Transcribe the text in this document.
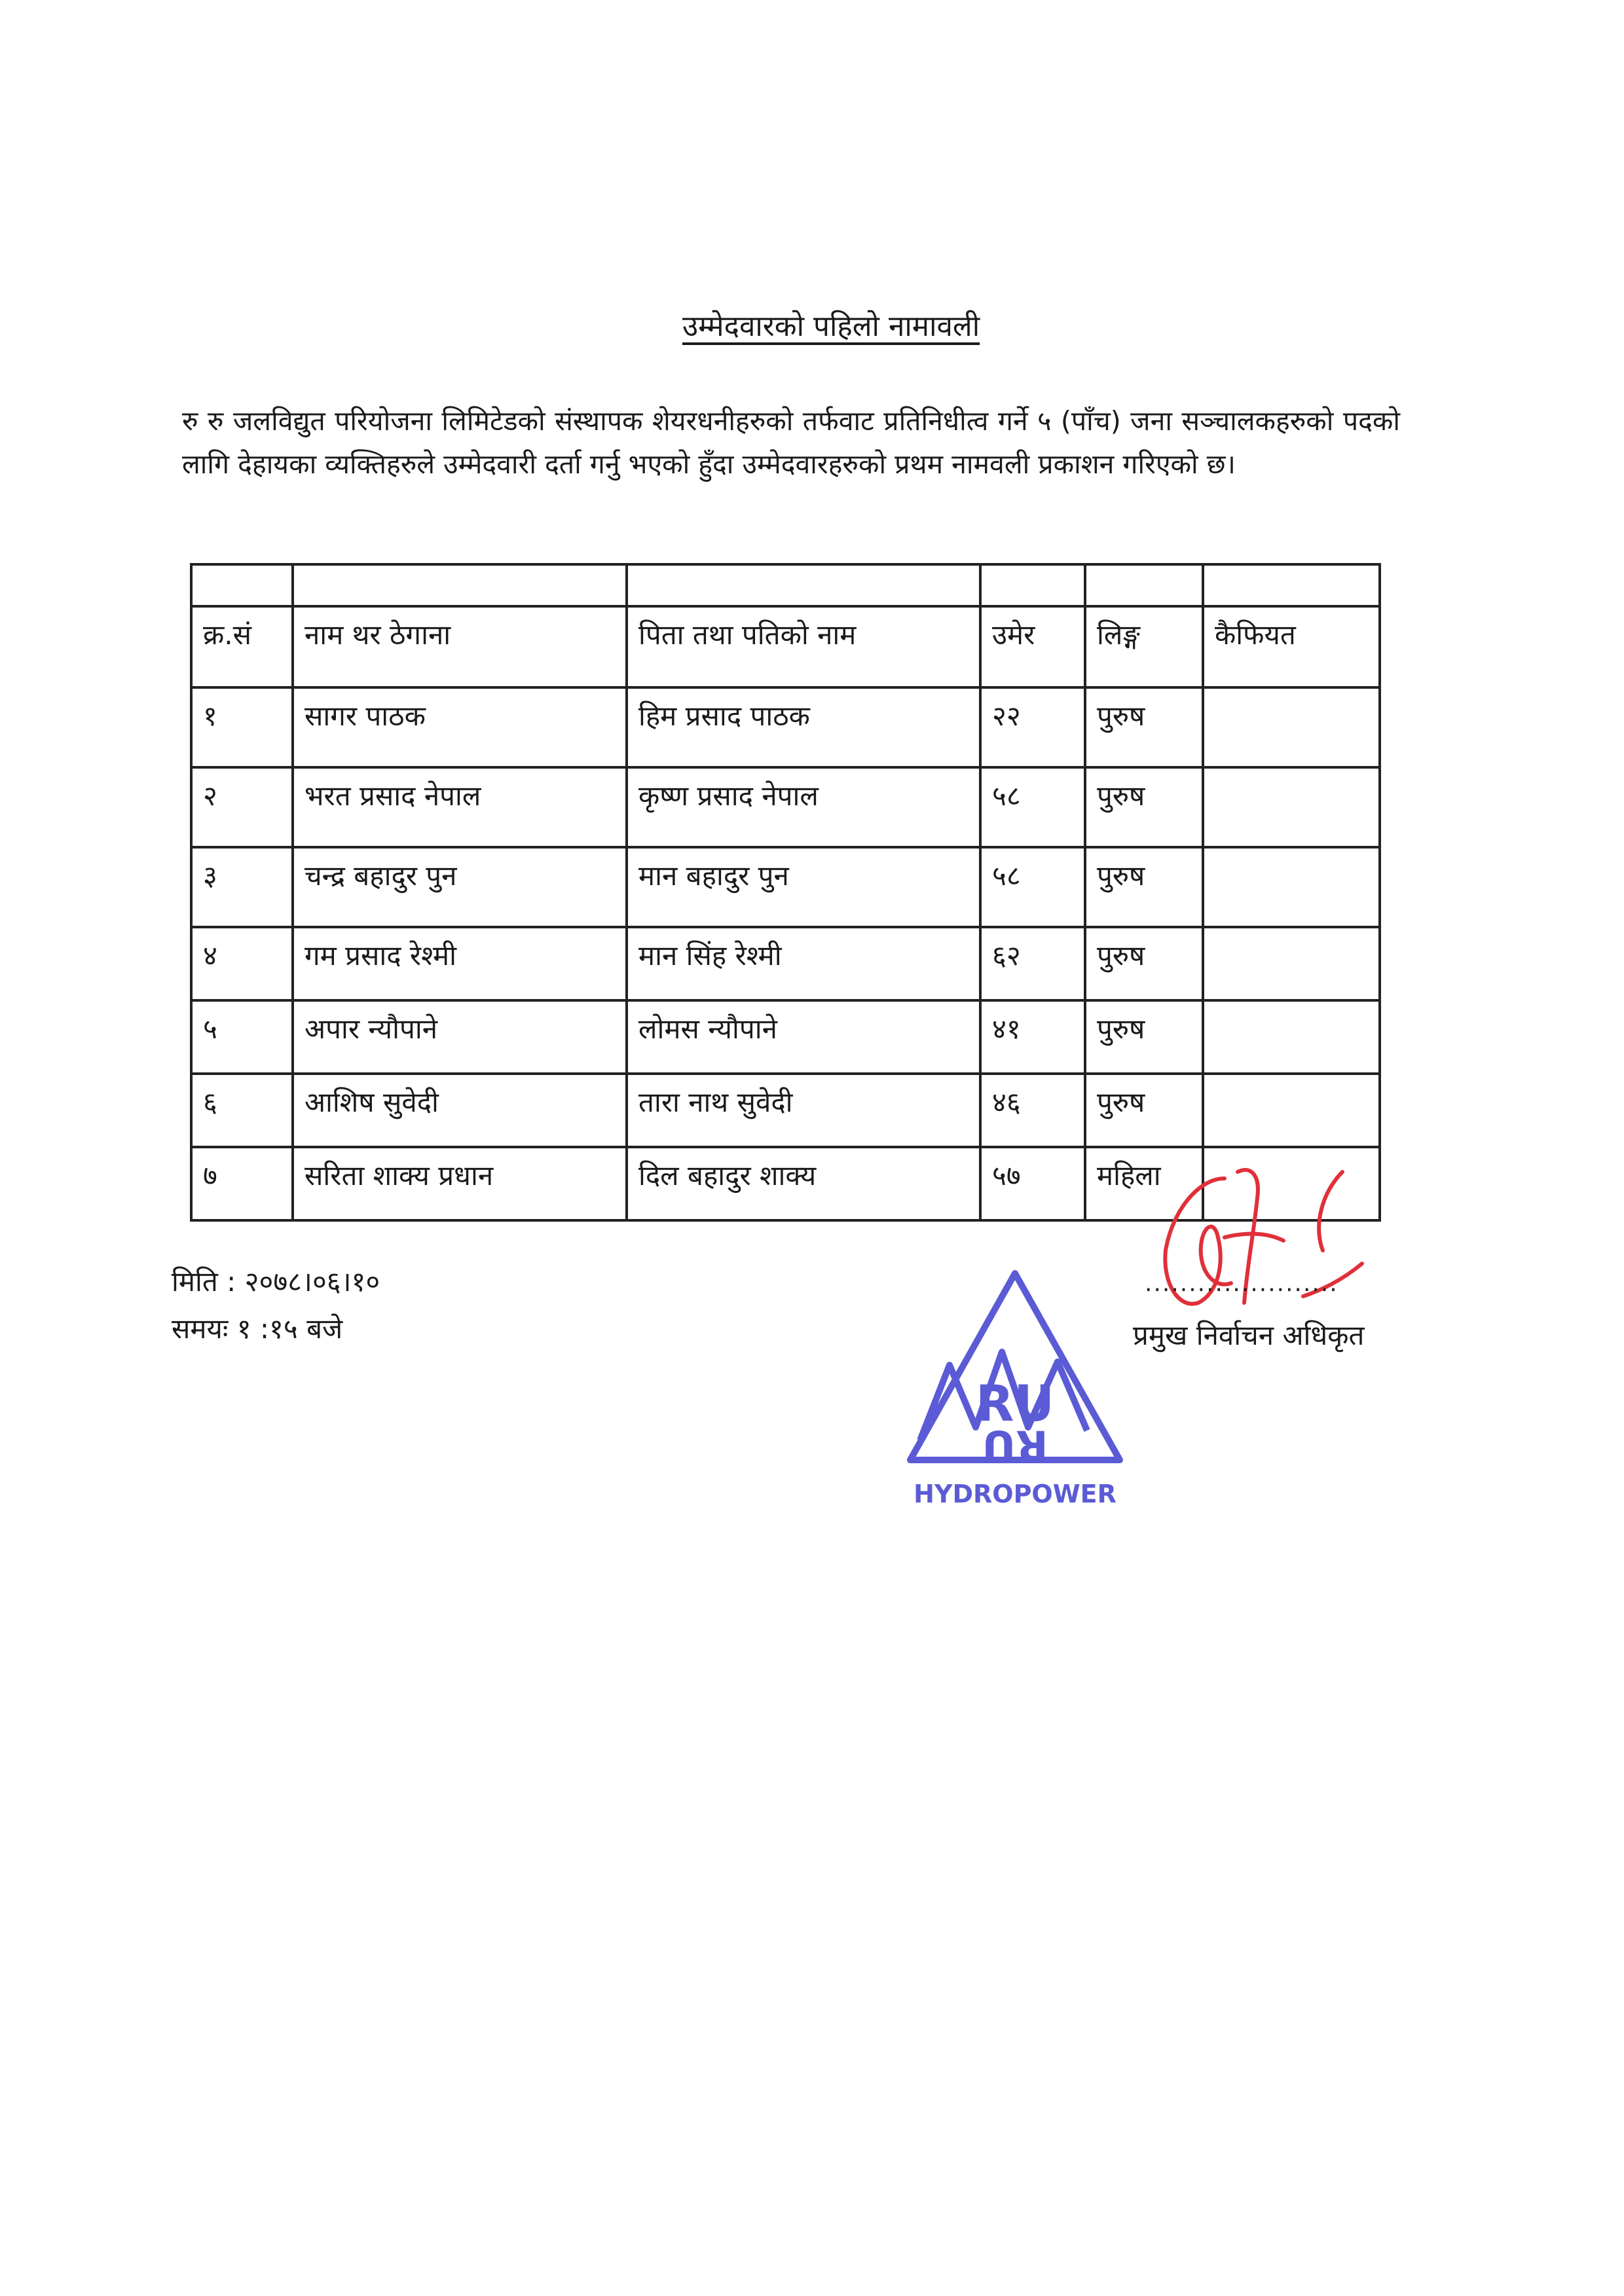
उम्मेदवारको पहिलो नामावली

रु रु जलविद्युत परियोजना लिमिटेडको संस्थापक शेयरधनीहरुको तर्फवाट प्रतिनिधीत्व गर्ने ५ (पाँच) जना सञ्चालकहरुको पदको लागि देहायका व्यक्तिहरुले उम्मेदवारी दर्ता गर्नु भएको हुँदा उम्मेदवारहरुको प्रथम नामवली प्रकाशन गरिएको छ।

क्र.सं	नाम थर ठेगाना	पिता तथा पतिको नाम	उमेर	लिङ्ग	कैफियत
१	सागर पाठक	हिम प्रसाद पाठक	२२	पुरुष	
२	भरत प्रसाद नेपाल	कृष्ण प्रसाद नेपाल	५८	पुरुष	
३	चन्द्र बहादुर पुन	मान बहादुर पुन	५८	पुरुष	
४	गम प्रसाद रेश्मी	मान सिंह रेश्मी	६२	पुरुष	
५	अपार न्यौपाने	लोमस न्यौपाने	४१	पुरुष	
६	आशिष सुवेदी	तारा नाथ सुवेदी	४६	पुरुष	
७	सरिता शाक्य प्रधान	दिल बहादुर शाक्य	५७	महिला	
मिति : २०७८।०६।१०
समयः १ :१५ बजे
RU
RU
HYDROPOWER
......................
प्रमुख निर्वाचन अधिकृत
